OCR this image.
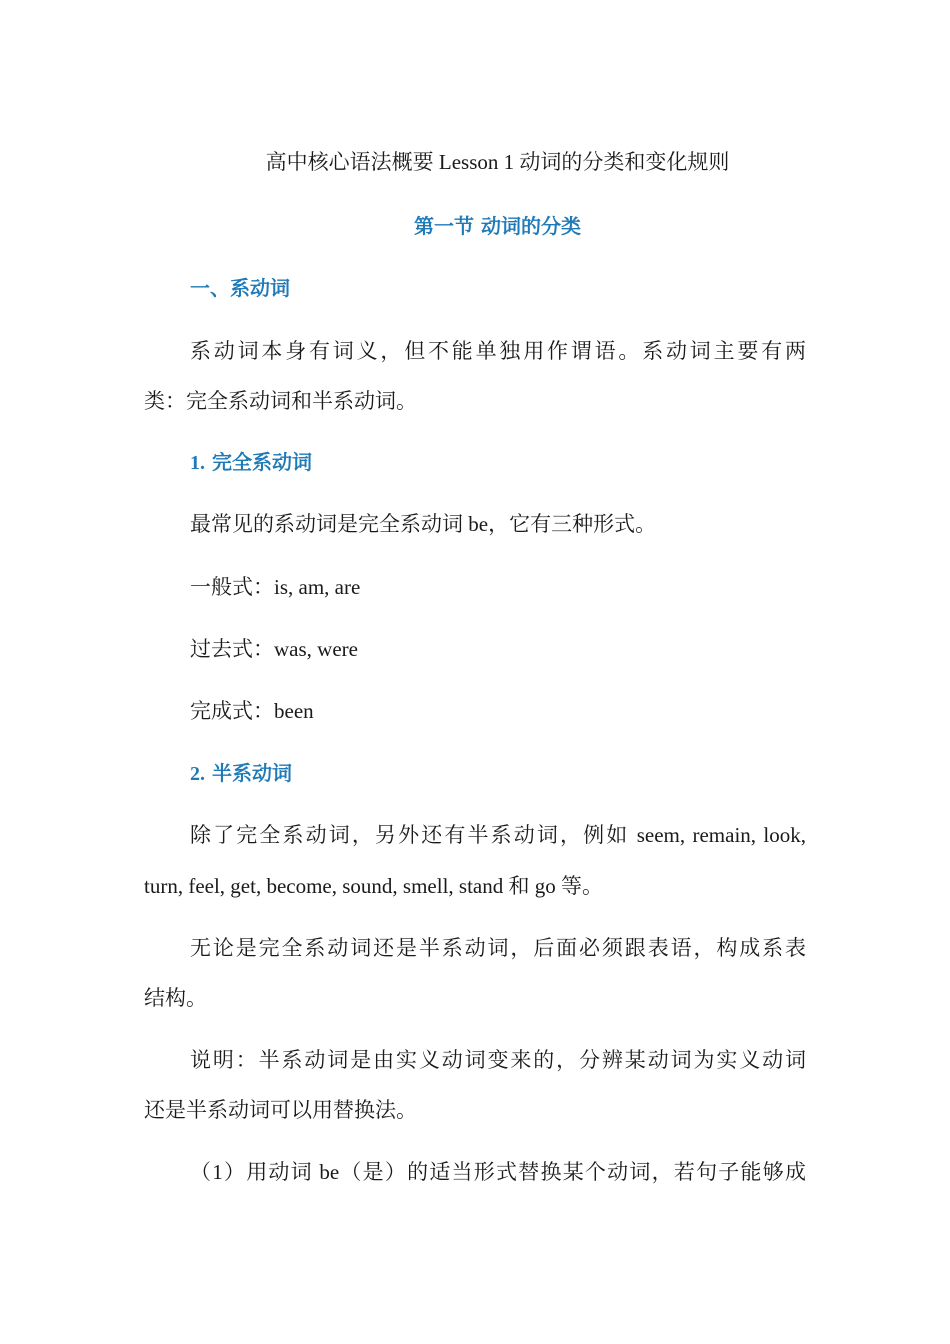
高中核心语法概要 Lesson 1 动词的分类和变化规则
第一节 动词的分类
一、系动词
系动词本身有词义，但不能单独用作谓语。系动词主要有两
类：完全系动词和半系动词。
1. 完全系动词
最常见的系动词是完全系动词 be，它有三种形式。
一般式：is, am, are
过去式：was, were
完成式：been
2. 半系动词
除了完全系动词，另外还有半系动词，例如 seem, remain, look,
turn, feel, get, become, sound, smell, stand 和 go 等。
无论是完全系动词还是半系动词，后面必须跟表语，构成系表
结构。
说明：半系动词是由实义动词变来的，分辨某动词为实义动词
还是半系动词可以用替换法。
（1）用动词 be（是）的适当形式替换某个动词，若句子能够成
